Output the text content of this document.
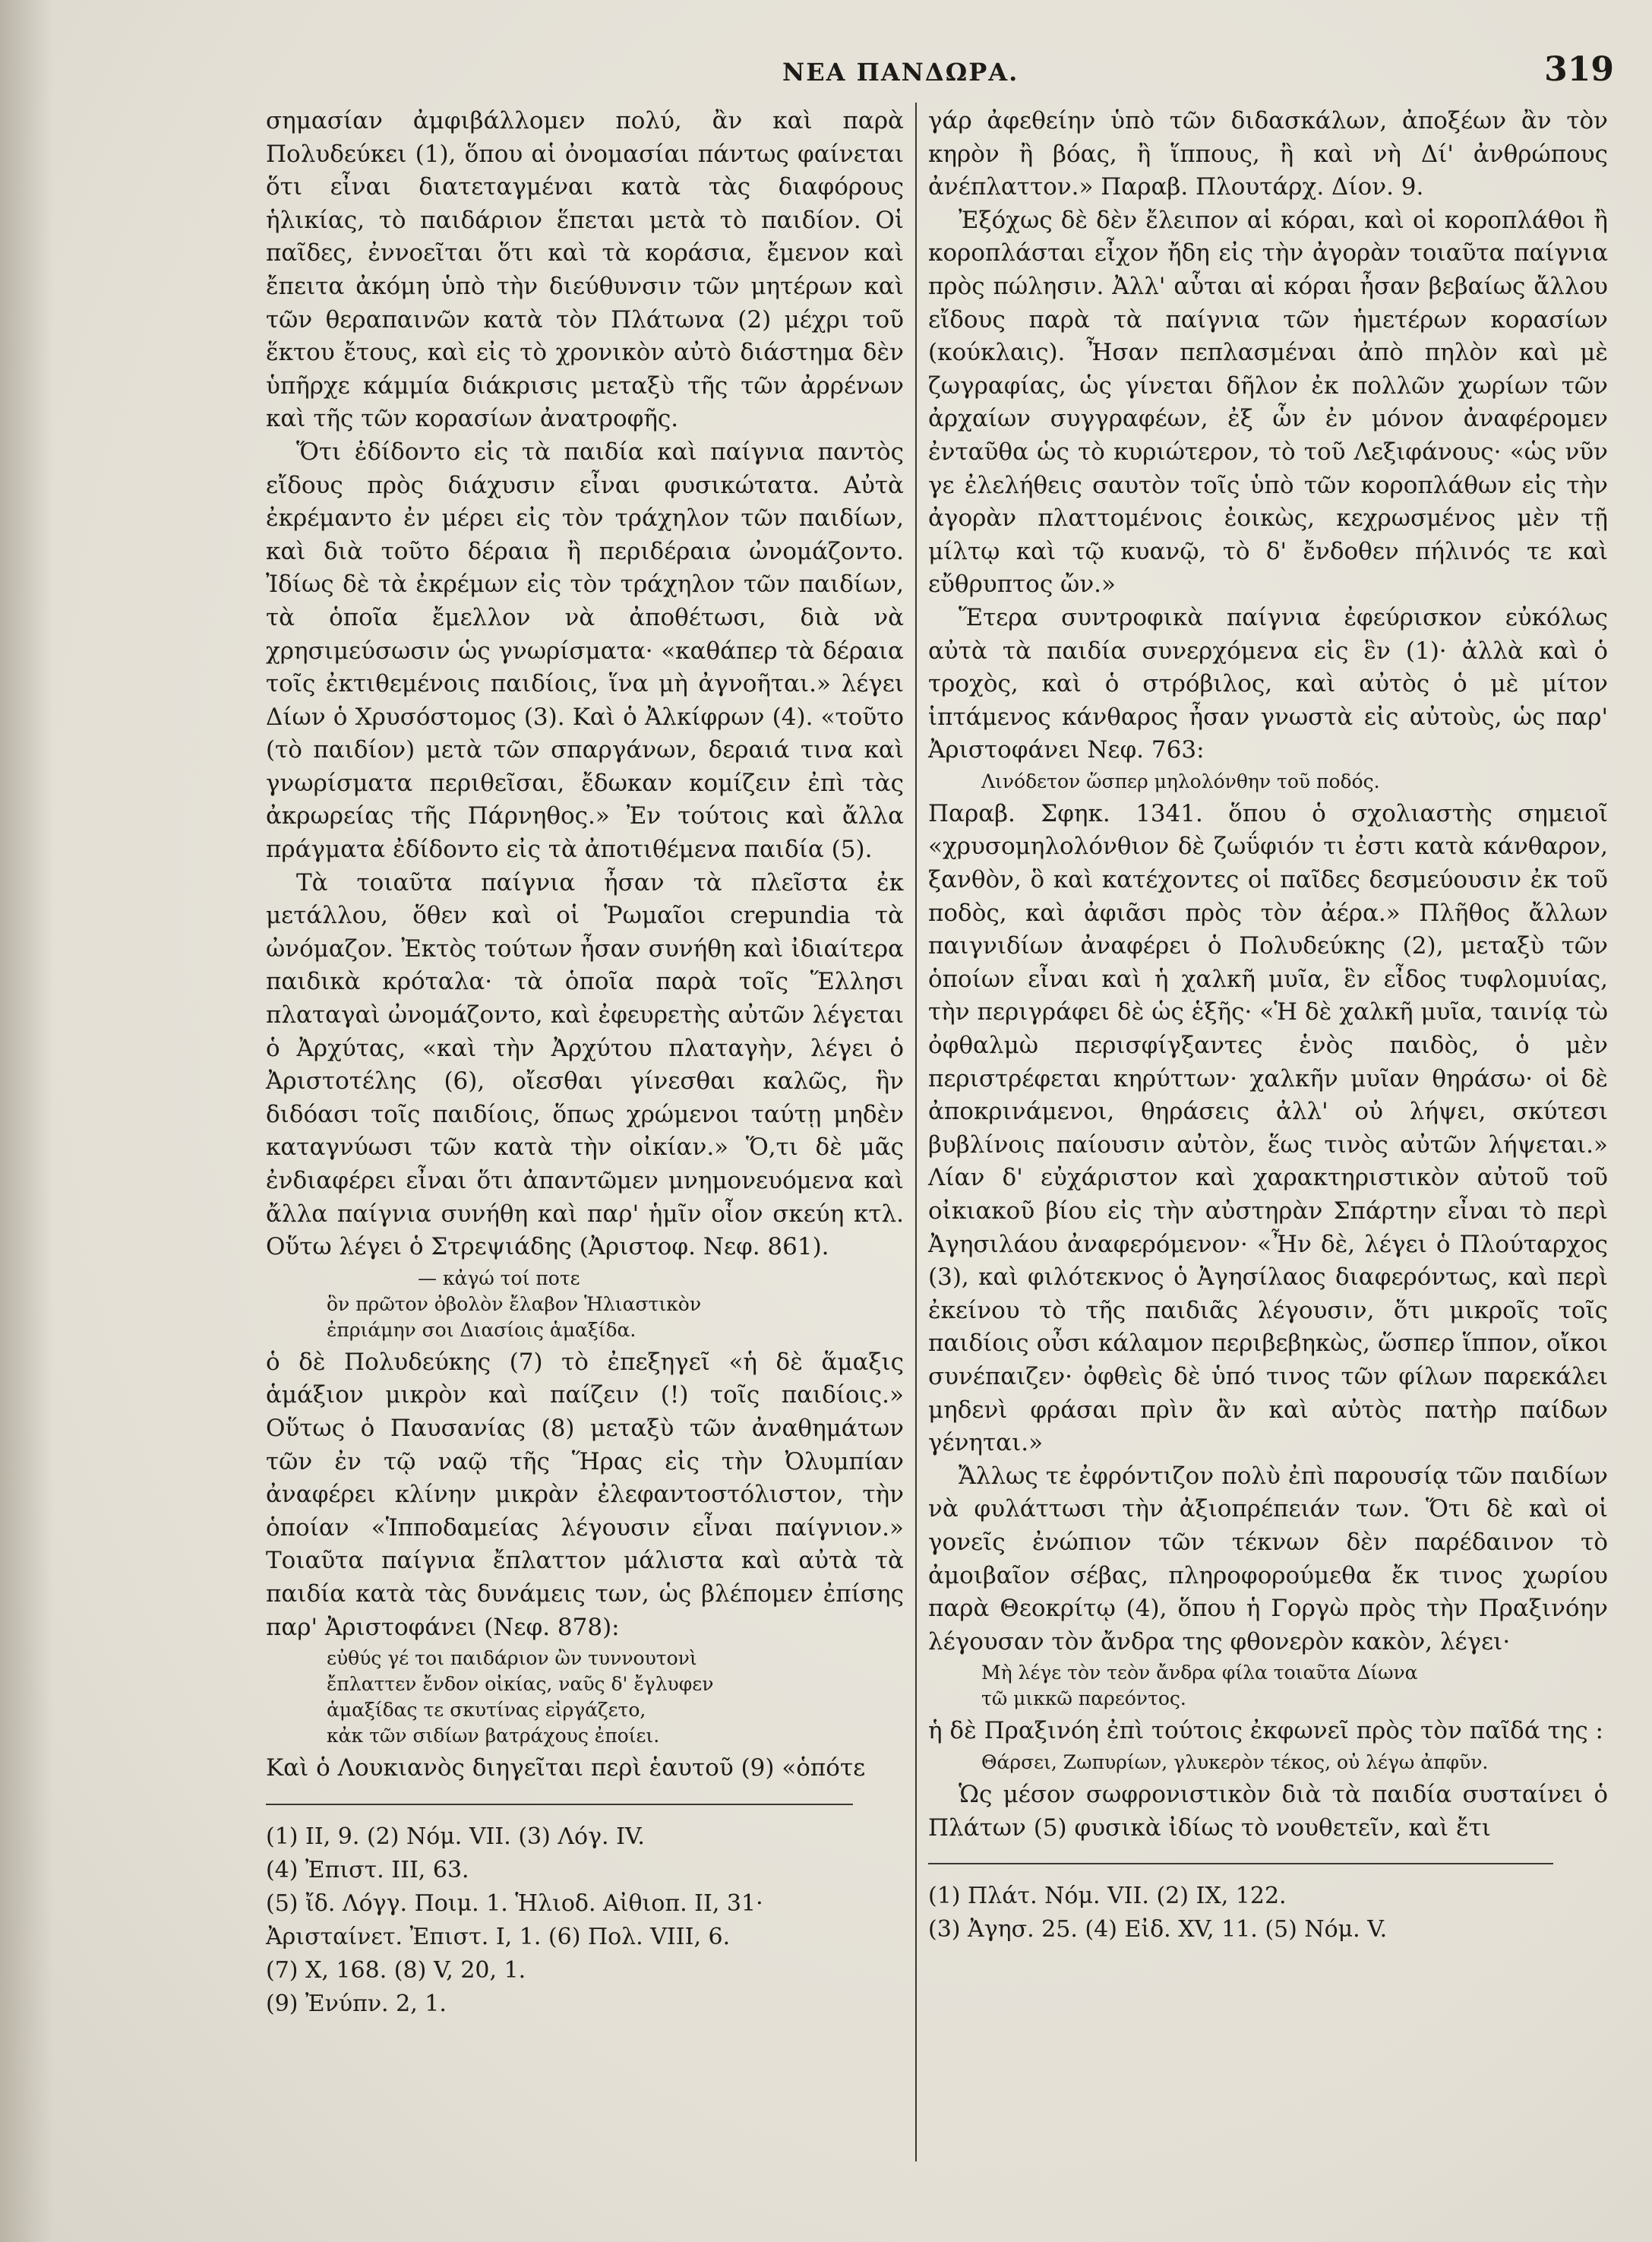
ΝΕΑ ΠΑΝΔΩΡΑ.	319

σημασίαν ἀμφιβάλλομεν πολύ, ἂν καὶ παρὰ Πολυδεύκει (1), ὅπου αἱ ὀνομασίαι πάντως φαίνεται ὅτι εἶναι διατεταγμέναι κατὰ τὰς διαφόρους ἡλικίας, τὸ παιδάριον ἕπεται μετὰ τὸ παιδίον. Οἱ παῖδες, ἐννοεῖται ὅτι καὶ τὰ κοράσια, ἔμενον καὶ ἔπειτα ἀκόμη ὑπὸ τὴν διεύθυνσιν τῶν μητέρων καὶ τῶν θεραπαινῶν κατὰ τὸν Πλάτωνα (2) μέχρι τοῦ ἕκτου ἔτους, καὶ εἰς τὸ χρονικὸν αὐτὸ διάστημα δὲν ὑπῆρχε κάμμία διάκρισις μεταξὺ τῆς τῶν ἀρρένων καὶ τῆς τῶν κορασίων ἀνατροφῆς.

Ὅτι ἐδίδοντο εἰς τὰ παιδία καὶ παίγνια παντὸς εἴδους πρὸς διάχυσιν εἶναι φυσικώτατα. Αὐτὰ ἐκρέμαντο ἐν μέρει εἰς τὸν τράχηλον τῶν παιδίων, καὶ διὰ τοῦτο δέραια ἢ περιδέραια ὠνομάζοντο. Ἰδίως δὲ τὰ ἐκρέμων εἰς τὸν τράχηλον τῶν παιδίων, τὰ ὁποῖα ἔμελλον νὰ ἀποθέτωσι, διὰ νὰ χρησιμεύσωσιν ὡς γνωρίσματα· «καθάπερ τὰ δέραια τοῖς ἐκτιθεμένοις παιδίοις, ἵνα μὴ ἀγνοῆται.» λέγει Δίων ὁ Χρυσόστομος (3). Καὶ ὁ Ἀλκίφρων (4). «τοῦτο (τὸ παιδίον) μετὰ τῶν σπαργάνων, δεραιά τινα καὶ γνωρίσματα περιθεῖσαι, ἔδωκαν κομίζειν ἐπὶ τὰς ἀκρωρείας τῆς Πάρνηθος.» Ἐν τούτοις καὶ ἄλλα πράγματα ἐδίδοντο εἰς τὰ ἀποτιθέμενα παιδία (5).

Τὰ τοιαῦτα παίγνια ἦσαν τὰ πλεῖστα ἐκ μετάλλου, ὅθεν καὶ οἱ Ῥωμαῖοι crepundia τὰ ὠνόμαζον. Ἐκτὸς τούτων ἦσαν συνήθη καὶ ἰδιαίτερα παιδικὰ κρόταλα· τὰ ὁποῖα παρὰ τοῖς Ἕλλησι πλαταγαὶ ὠνομάζοντο, καὶ ἐφευρετὴς αὐτῶν λέγεται ὁ Ἀρχύτας, «καὶ τὴν Ἀρχύτου πλαταγὴν, λέγει ὁ Ἀριστοτέλης (6), οἴεσθαι γίνεσθαι καλῶς, ἣν διδόασι τοῖς παιδίοις, ὅπως χρώμενοι ταύτῃ μηδὲν καταγνύωσι τῶν κατὰ τὴν οἰκίαν.» Ὅ,τι δὲ μᾶς ἐνδιαφέρει εἶναι ὅτι ἀπαντῶμεν μνημονευόμενα καὶ ἄλλα παίγνια συνήθη καὶ παρ' ἡμῖν οἷον σκεύη κτλ. Οὕτω λέγει ὁ Στρεψιάδης (Ἀριστοφ. Νεφ. 861).

— κἀγώ τοί ποτε
ὃν πρῶτον ὀβολὸν ἔλαβον Ἡλιαστικὸν
ἐπριάμην σοι Διασίοις ἁμαξίδα.

ὁ δὲ Πολυδεύκης (7) τὸ ἐπεξηγεῖ «ἡ δὲ ἅμαξις ἁμάξιον μικρὸν καὶ παίζειν (!) τοῖς παιδίοις.» Οὕτως ὁ Παυσανίας (8) μεταξὺ τῶν ἀναθημάτων τῶν ἐν τῷ ναῷ τῆς Ἥρας εἰς τὴν Ὀλυμπίαν ἀναφέρει κλίνην μικρὰν ἐλεφαντοστόλιστον, τὴν ὁποίαν «Ἱπποδαμείας λέγουσιν εἶναι παίγνιον.» Τοιαῦτα παίγνια ἔπλαττον μάλιστα καὶ αὐτὰ τὰ παιδία κατὰ τὰς δυνάμεις των, ὡς βλέπομεν ἐπίσης παρ' Ἀριστοφάνει (Νεφ. 878):

εὐθύς γέ τοι παιδάριον ὢν τυννουτονὶ
ἔπλαττεν ἔνδον οἰκίας, ναῦς δ' ἔγλυφεν
ἁμαξίδας τε σκυτίνας εἰργάζετο,
κἀκ τῶν σιδίων βατράχους ἐποίει.

Καὶ ὁ Λουκιανὸς διηγεῖται περὶ ἑαυτοῦ (9) «ὁπότε

(1) II, 9. (2) Νόμ. VII. (3) Λόγ. IV.
(4) Ἐπιστ. III, 63.
(5) ἴδ. Λόγγ. Ποιμ. 1. Ἡλιοδ. Αἰθιοπ. II, 31· Ἀρισταίνετ. Ἐπιστ. I, 1. (6) Πολ. VIII, 6.
(7) X, 168. (8) V, 20, 1.
(9) Ἐνύπν. 2, 1.

γάρ ἀφεθείην ὑπὸ τῶν διδασκάλων, ἀποξέων ἂν τὸν κηρὸν ἢ βόας, ἢ ἵππους, ἢ καὶ νὴ Δί' ἀνθρώπους ἀνέπλαττον.» Παραβ. Πλουτάρχ. Δίον. 9.

Ἐξόχως δὲ δὲν ἔλειπον αἱ κόραι, καὶ οἱ κοροπλάθοι ἢ κοροπλάσται εἶχον ἤδη εἰς τὴν ἀγορὰν τοιαῦτα παίγνια πρὸς πώλησιν. Ἀλλ' αὗται αἱ κόραι ἦσαν βεβαίως ἄλλου εἴδους παρὰ τὰ παίγνια τῶν ἡμετέρων κορασίων (κούκλαις). Ἦσαν πεπλασμέναι ἀπὸ πηλὸν καὶ μὲ ζωγραφίας, ὡς γίνεται δῆλον ἐκ πολλῶν χωρίων τῶν ἀρχαίων συγγραφέων, ἐξ ὧν ἐν μόνον ἀναφέρομεν ἐνταῦθα ὡς τὸ κυριώτερον, τὸ τοῦ Λεξιφάνους· «ὡς νῦν γε ἐλελήθεις σαυτὸν τοῖς ὑπὸ τῶν κοροπλάθων εἰς τὴν ἀγορὰν πλαττομένοις ἐοικὼς, κεχρωσμένος μὲν τῇ μίλτῳ καὶ τῷ κυανῷ, τὸ δ' ἔνδοθεν πήλινός τε καὶ εὔθρυπτος ὤν.»

Ἕτερα συντροφικὰ παίγνια ἐφεύρισκον εὐκόλως αὐτὰ τὰ παιδία συνερχόμενα εἰς ἓν (1)· ἀλλὰ καὶ ὁ τροχὸς, καὶ ὁ στρόβιλος, καὶ αὐτὸς ὁ μὲ μίτον ἱπτάμενος κάνθαρος ἦσαν γνωστὰ εἰς αὐτοὺς, ὡς παρ' Ἀριστοφάνει Νεφ. 763:

Λινόδετον ὥσπερ μηλολόνθην τοῦ ποδός.

Παραβ. Σφηκ. 1341. ὅπου ὁ σχολιαστὴς σημειοῖ «χρυσομηλολόνθιον δὲ ζωΰφιόν τι ἐστι κατὰ κάνθαρον, ξανθὸν, ὃ καὶ κατέχοντες οἱ παῖδες δεσμεύουσιν ἐκ τοῦ ποδὸς, καὶ ἀφιᾶσι πρὸς τὸν ἀέρα.» Πλῆθος ἄλλων παιγνιδίων ἀναφέρει ὁ Πολυδεύκης (2), μεταξὺ τῶν ὁποίων εἶναι καὶ ἡ χαλκῆ μυῖα, ἓν εἶδος τυφλομυίας, τὴν περιγράφει δὲ ὡς ἑξῆς· «Ἡ δὲ χαλκῆ μυῖα, ταινίᾳ τὼ ὀφθαλμὼ περισφίγξαντες ἑνὸς παιδὸς, ὁ μὲν περιστρέφεται κηρύττων· χαλκῆν μυῖαν θηράσω· οἱ δὲ ἀποκρινάμενοι, θηράσεις ἀλλ' οὐ λήψει, σκύτεσι βυβλίνοις παίουσιν αὐτὸν, ἕως τινὸς αὐτῶν λήψεται.» Λίαν δ' εὐχάριστον καὶ χαρακτηριστικὸν αὐτοῦ τοῦ οἰκιακοῦ βίου εἰς τὴν αὐστηρὰν Σπάρτην εἶναι τὸ περὶ Ἀγησιλάου ἀναφερόμενον· «Ἦν δὲ, λέγει ὁ Πλούταρχος (3), καὶ φιλότεκνος ὁ Ἀγησίλαος διαφερόντως, καὶ περὶ ἐκείνου τὸ τῆς παιδιᾶς λέγουσιν, ὅτι μικροῖς τοῖς παιδίοις οὖσι κάλαμον περιβεβηκὼς, ὥσπερ ἵππον, οἴκοι συνέπαιζεν· ὀφθεὶς δὲ ὑπό τινος τῶν φίλων παρεκάλει μηδενὶ φράσαι πρὶν ἂν καὶ αὐτὸς πατὴρ παίδων γένηται.»

Ἄλλως τε ἐφρόντιζον πολὺ ἐπὶ παρουσίᾳ τῶν παιδίων νὰ φυλάττωσι τὴν ἀξιοπρέπειάν των. Ὅτι δὲ καὶ οἱ γονεῖς ἐνώπιον τῶν τέκνων δὲν παρέδαινον τὸ ἀμοιβαῖον σέβας, πληροφορούμεθα ἔκ τινος χωρίου παρὰ Θεοκρίτῳ (4), ὅπου ἡ Γοργὼ πρὸς τὴν Πραξινόην λέγουσαν τὸν ἄνδρα της φθονερὸν κακὸν, λέγει·

Μὴ λέγε τὸν τεὸν ἄνδρα φίλα τοιαῦτα Δίωνα
τῶ μικκῶ παρεόντος.

ἡ δὲ Πραξινόη ἐπὶ τούτοις ἐκφωνεῖ πρὸς τὸν παῖδά της :

Θάρσει, Ζωπυρίων, γλυκερὸν τέκος, οὐ λέγω ἀπφῦν.

Ὡς μέσον σωφρονιστικὸν διὰ τὰ παιδία συσταίνει ὁ Πλάτων (5) φυσικὰ ἰδίως τὸ νουθετεῖν, καὶ ἔτι

(1) Πλάτ. Νόμ. VII. (2) IX, 122.
(3) Ἀγησ. 25. (4) Εἰδ. XV, 11. (5) Νόμ. V.
